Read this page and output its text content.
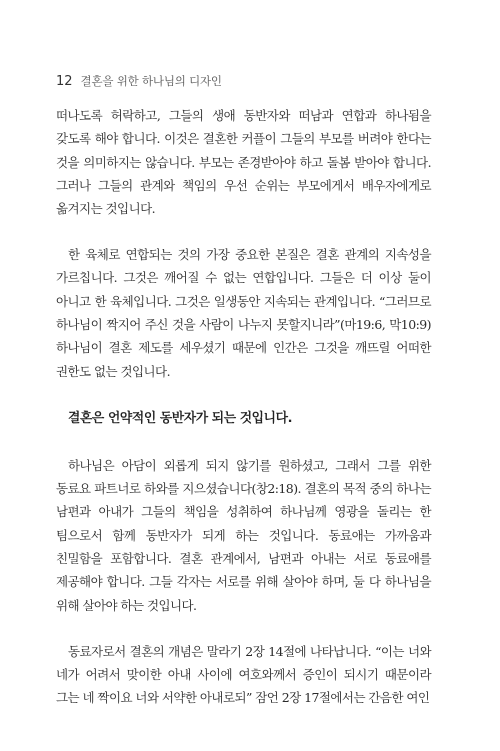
12 결혼을 위한 하나님의 디자인

떠나도록 허락하고, 그들의 생애 동반자와 떠남과 연합과 하나됨을 갖도록 해야 합니다. 이것은 결혼한 커플이 그들의 부모를 버려야 한다는 것을 의미하지는 않습니다. 부모는 존경받아야 하고 돌봄 받아야 합니다. 그러나 그들의 관계와 책임의 우선 순위는 부모에게서 배우자에게로 옮겨지는 것입니다.

한 육체로 연합되는 것의 가장 중요한 본질은 결혼 관계의 지속성을 가르칩니다. 그것은 깨어질 수 없는 연합입니다. 그들은 더 이상 둘이 아니고 한 육체입니다. 그것은 일생동안 지속되는 관계입니다. “그러므로 하나님이 짝지어 주신 것을 사람이 나누지 못할지니라”(마19:6, 막10:9) 하나님이 결혼 제도를 세우셨기 때문에 인간은 그것을 깨뜨릴 어떠한 권한도 없는 것입니다.

결혼은 언약적인 동반자가 되는 것입니다.

하나님은 아담이 외롭게 되지 않기를 원하셨고, 그래서 그를 위한 동료요 파트너로 하와를 지으셨습니다(창2:18). 결혼의 목적 중의 하나는 남편과 아내가 그들의 책임을 성취하여 하나님께 영광을 돌리는 한 팀으로서 함께 동반자가 되게 하는 것입니다. 동료애는 가까움과 친밀함을 포함합니다. 결혼 관계에서, 남편과 아내는 서로 동료애를 제공해야 합니다. 그들 각자는 서로를 위해 살아야 하며, 둘 다 하나님을 위해 살아야 하는 것입니다.

동료자로서 결혼의 개념은 말라기 2장 14절에 나타납니다. “이는 너와 네가 어려서 맞이한 아내 사이에 여호와께서 증인이 되시기 때문이라 그는 네 짝이요 너와 서약한 아내로되” 잠언 2장 17절에서는 간음한 여인
